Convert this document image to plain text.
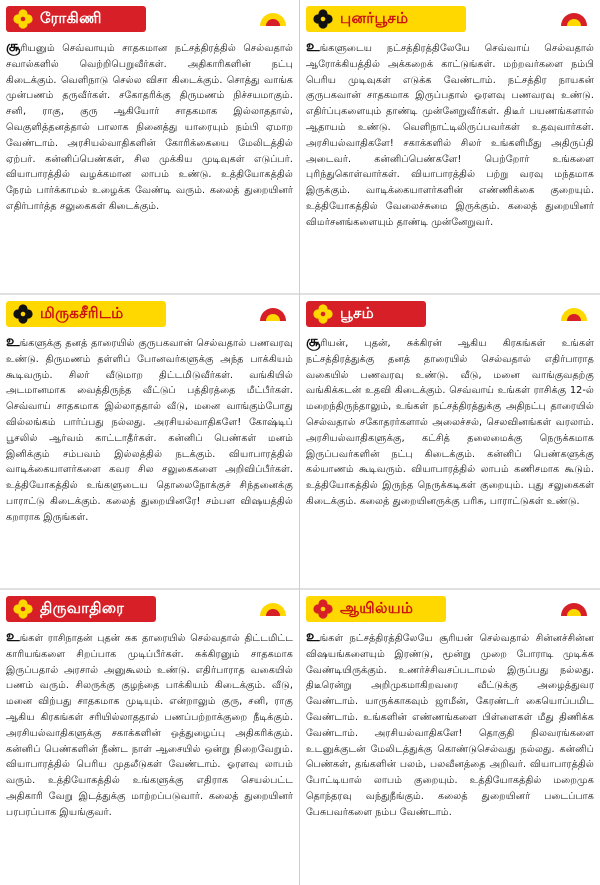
ரோகிணி
சூரியனும் செவ்வாயும் சாதகமான நட்சத்திரத்தில் செல்வதால் சவால்களில் வெற்றிபெறுவீர்கள். அதிகாரிகளின் நட்பு கிடைக்கும். வெளிநாடு செல்ல விசா கிடைக்கும். சொத்து வாங்க முன்பணம் தருவீர்கள். சகோதரிக்கு திருமணம் நிச்சயமாகும். சனி, ராகு, குரு ஆகியோர் சாதகமாக இல்லாததால், வெகுளித்தனத்தால் பாலாக நினைத்து யாரையும் நம்பி ஏமாற வேண்டாம். அரசியல்வாதிகளின் கோரிக்கையை மேலிடத்தில் ஏற்பர். கன்னிப்பெண்கள், சில முக்கிய முடிவுகள் எடுப்பர். வியாபாரத்தில் வழக்கமான லாபம் உண்டு. உத்தியோகத்தில் நேரம் பார்க்காமல் உழைக்க வேண்டி வரும். கலைத் துறையினர் எதிர்பார்த்த சலுகைகள் கிடைக்கும்.
புனர்பூசம்
உங்களுடைய நட்சத்திரத்திலேயே செவ்வாய் செல்வதால் ஆரோக்கியத்தில் அக்கறைக் காட்டுங்கள். மற்றவர்களை நம்பி பெரிய முடிவுகள் எடுக்க வேண்டாம். நட்சத்திர நாயகன் குருபகவான் சாதகமாக இருப்பதால் ஓரளவு பணவரவு உண்டு. எதிர்ப்புகளையும் தாண்டி முன்னேறுவீர்கள். திடீர் பயணங்களால் ஆதாயம் உண்டு. வெளிநாட்டிலிருப்பவர்கள் உதவுவார்கள். அரசியல்வாதிகளே! சகாக்களில் சிலர் உங்களிமீது அதிருப்தி அடைவர். கன்னிப்பெண்களே! பெற்றோர் உங்களை புரிந்துகொள்வார்கள். வியாபாரத்தில் பற்று வரவு மந்தமாக இருக்கும். வாடிக்கையாளர்களின் எண்ணிக்கை குறையும். உத்தியோகத்தில் வேலைச்சுமை இருக்கும். கலைத் துறையினர் விமர்சனங்களையும் தாண்டி முன்னேறுவர்.
மிருகசீரிடம்
உங்களுக்கு தனத் தாரையில் குருபகவான் செல்வதால் பணவரவு உண்டு. திருமணம் தள்ளிப் போனவர்களுக்கு அந்த பாக்கியம் கூடிவரும். சிலர் வீடுமாற திட்டமிடுவீர்கள். வங்கியில் அடமானமாக வைத்திருந்த வீட்டுப் பத்திரத்தை மீட்பீர்கள். செவ்வாய் சாதகமாக இல்லாததால் வீடு, மனை வாங்கும்போது வில்லங்கம் பார்ப்பது நல்லது. அரசியல்வாதிகளே! கோஷ்டிப் பூசலில் ஆர்வம் காட்டாதீர்கள். கன்னிப் பெண்கள் மனம் இனிக்கும் சம்பவம் இல்லத்தில் நடக்கும். வியாபாரத்தில் வாடிக்கையாளர்களை கவர சில சலுகைகளை அறிவிப்பீர்கள். உத்தியோகத்தில் உங்களுடைய தொலைநோக்குச் சிந்தனைக்கு பாராட்டு கிடைக்கும். கலைத் துறையினரே! சம்பள விஷயத்தில் கறாராக இருங்கள்.
பூசம்
சூரியன், புதன், சுக்கிரன் ஆகிய கிரகங்கள் உங்கள் நட்சத்திரத்துக்கு தனத் தாரையில் செல்வதால் எதிர்பாராத வகையில் பணவரவு உண்டு. வீடு, மனை வாங்குவதற்கு வங்கிக்கடன் உதவி கிடைக்கும். செவ்வாய் உங்கள் ராசிக்கு 12-ல் மறைந்திருந்தாலும், உங்கள் நட்சத்திரத்துக்கு அதிநட்பு தாரையில் செல்வதால் சகோதரர்களால் அலைச்சல், செலவினங்கள் வரலாம். அரசியல்வாதிகளுக்கு, கட்சித் தலைமைக்கு நெருக்கமாக இருப்பவர்களின் நட்பு கிடைக்கும். கன்னிப் பெண்களுக்கு கல்யாணம் கூடிவரும். வியாபாரத்தில் லாபம் கணிசமாக கூடும். உத்தியோகத்தில் இருந்த நெருக்கடிகள் குறையும். புது சலுகைகள் கிடைக்கும். கலைத் துறையினருக்கு பரிசு, பாராட்டுகள் உண்டு.
திருவாதிரை
உங்கள் ராசிநாதன் புதன் சுக தாரையில் செல்வதால் திட்டமிட்ட காரியங்களை சிறப்பாக முடிப்பீர்கள். சுக்கிரனும் சாதகமாக இருப்பதால் அரசால் அனுகூலம் உண்டு. எதிர்பாராத வகையில் பணம் வரும். சிலருக்கு குழந்தை பாக்கியம் கிடைக்கும். வீடு, மனை விற்பது சாதகமாக முடியும். என்றாலும் குரு, சனி, ராகு ஆகிய கிரகங்கள் சரியில்லாததால் பணப்பற்றாக்குறை நீடிக்கும். அரசியல்வாதிகளுக்கு சகாக்களின் ஒத்துழைப்பு அதிகரிக்கும். கன்னிப் பெண்களின் நீண்ட நாள் ஆசையில் ஒன்று நிறைவேறும். வியாபாரத்தில் பெரிய முதலீடுகள் வேண்டாம். ஓரளவு லாபம் வரும். உத்தியோகத்தில் உங்களுக்கு எதிராக செயல்பட்ட அதிகாரி வேறு இடத்துக்கு மாற்றப்படுவார். கலைத் துறையினர் பரபரப்பாக இயங்குவர்.
ஆயில்யம்
உங்கள் நட்சத்திரத்திலேயே சூரியன் செல்வதால் சின்னச்சின்ன விஷயங்களையும் இரண்டு, மூன்று முறை போராடி முடிக்க வேண்டியிருக்கும். உணர்ச்சிவசப்படாமல் இருப்பது நல்லது. திடீரென்று அறிமுகமாகிறவரை வீட்டுக்கு அழைத்துவர வேண்டாம். யாருக்காகவும் ஜாமீன், கேரண்டர் கையொப்பமிட வேண்டாம். உங்களின் எண்ணங்களை பிள்ளைகள் மீது திணிக்க வேண்டாம். அரசியல்வாதிகளே! தொகுதி நிலவரங்களை உடனுக்குடன் மேலிடத்துக்கு கொண்டுசெல்வது நல்லது. கன்னிப் பெண்கள், தங்களின் பலம், பலவீனத்தை அறிவர். வியாபாரத்தில் போட்டியால் லாபம் குறையும். உத்தியோகத்தில் மறைமுக தொந்தரவு வந்துநீங்கும். கலைத் துறையினர் படைப்பாக பேசுபவர்களை நம்ப வேண்டாம்.
